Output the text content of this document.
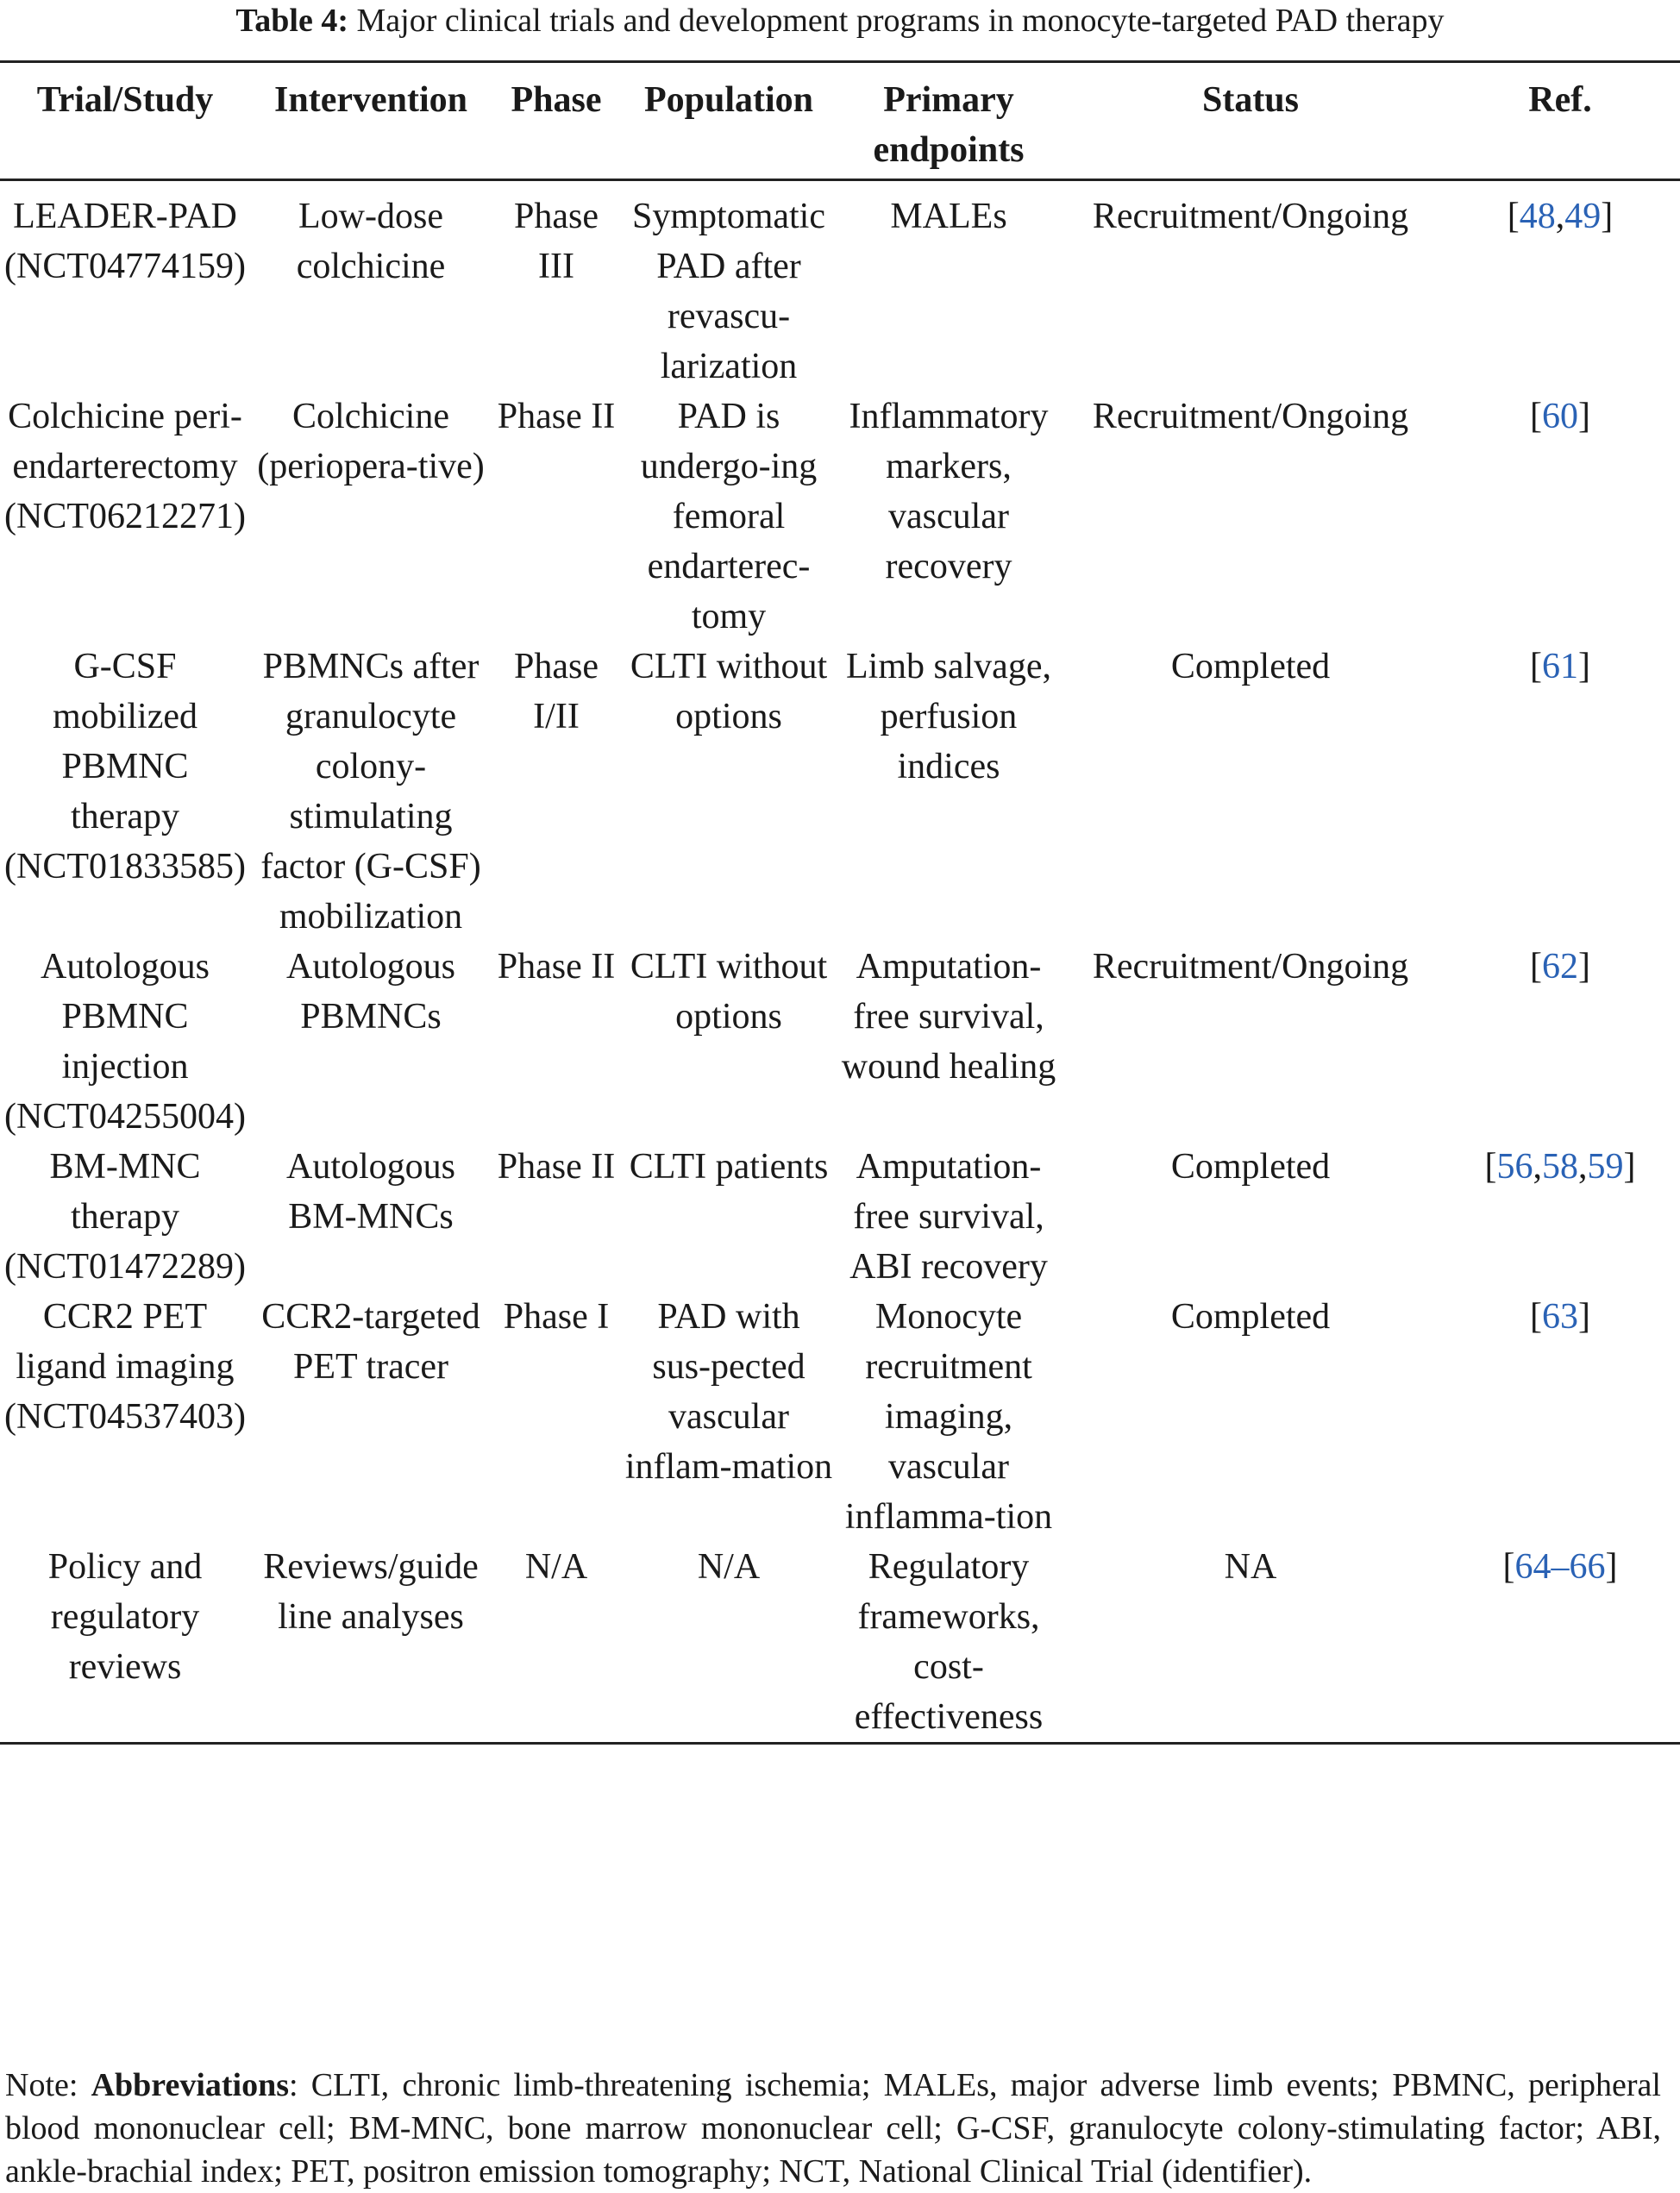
Table 4: Major clinical trials and development programs in monocyte-targeted PAD therapy
Trial/Study	Intervention	Phase	Population	Primary endpoints	Status	Ref.
LEADER-PAD (NCT04774159)	Low-dose colchicine	Phase III	Symptomatic PAD after revascu-larization	MALEs	Recruitment/Ongoing	[48,49]
Colchicine peri-endarterectomy (NCT06212271)	Colchicine (periopera-tive)	Phase II	PAD is undergo-ing femoral endarterec-tomy	Inflammatory markers, vascular recovery	Recruitment/Ongoing	[60]
G-CSF mobilized PBMNC therapy (NCT01833585)	PBMNCs after granulocyte colony-stimulating factor (G-CSF) mobilization	Phase I/II	CLTI without options	Limb salvage, perfusion indices	Completed	[61]
Autologous PBMNC injection (NCT04255004)	Autologous PBMNCs	Phase II	CLTI without options	Amputation-free survival, wound healing	Recruitment/Ongoing	[62]
BM-MNC therapy (NCT01472289)	Autologous BM-MNCs	Phase II	CLTI patients	Amputation-free survival, ABI recovery	Completed	[56,58,59]
CCR2 PET ligand imaging (NCT04537403)	CCR2-targeted PET tracer	Phase I	PAD with sus-pected vascular inflam-mation	Monocyte recruitment imaging, vascular inflamma-tion	Completed	[63]
Policy and regulatory reviews	Reviews/guide line analyses	N/A	N/A	Regulatory frameworks, cost-effectiveness	NA	[64–66]
Note: Abbreviations: CLTI, chronic limb-threatening ischemia; MALEs, major adverse limb events; PBMNC, peripheral blood mononuclear cell; BM-MNC, bone marrow mononuclear cell; G-CSF, granulocyte colony-stimulating factor; ABI, ankle-brachial index; PET, positron emission tomography; NCT, National Clinical Trial (identifier).
